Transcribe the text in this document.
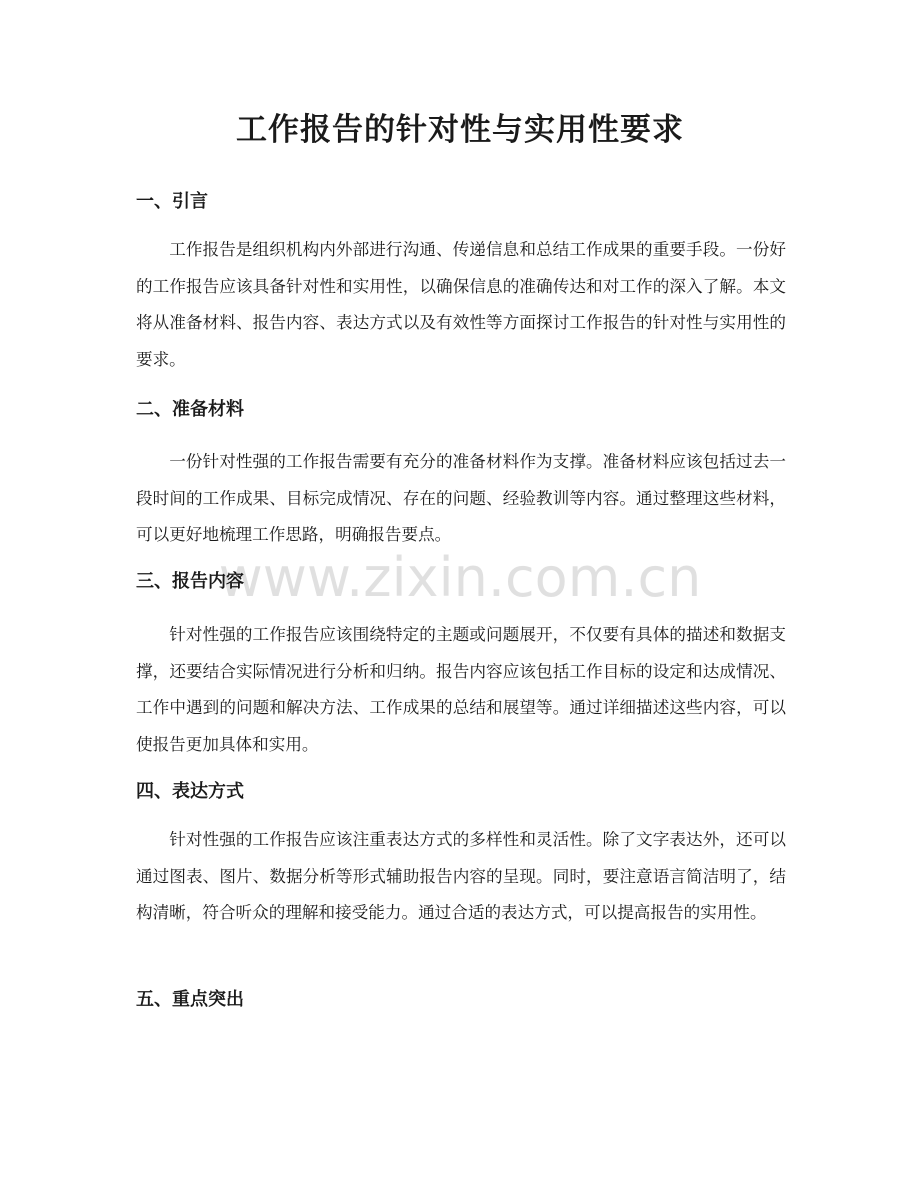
工作报告的针对性与实用性要求
一、引言

工作报告是组织机构内外部进行沟通、传递信息和总结工作成果的重要手段。一份好的工作报告应该具备针对性和实用性，以确保信息的准确传达和对工作的深入了解。本文将从准备材料、报告内容、表达方式以及有效性等方面探讨工作报告的针对性与实用性的要求。

二、准备材料

一份针对性强的工作报告需要有充分的准备材料作为支撑。准备材料应该包括过去一段时间的工作成果、目标完成情况、存在的问题、经验教训等内容。通过整理这些材料，可以更好地梳理工作思路，明确报告要点。

三、报告内容

针对性强的工作报告应该围绕特定的主题或问题展开，不仅要有具体的描述和数据支撑，还要结合实际情况进行分析和归纳。报告内容应该包括工作目标的设定和达成情况、工作中遇到的问题和解决方法、工作成果的总结和展望等。通过详细描述这些内容，可以使报告更加具体和实用。

四、表达方式

针对性强的工作报告应该注重表达方式的多样性和灵活性。除了文字表达外，还可以通过图表、图片、数据分析等形式辅助报告内容的呈现。同时，要注意语言简洁明了，结构清晰，符合听众的理解和接受能力。通过合适的表达方式，可以提高报告的实用性。

五、重点突出
www.zixin.com.cn
